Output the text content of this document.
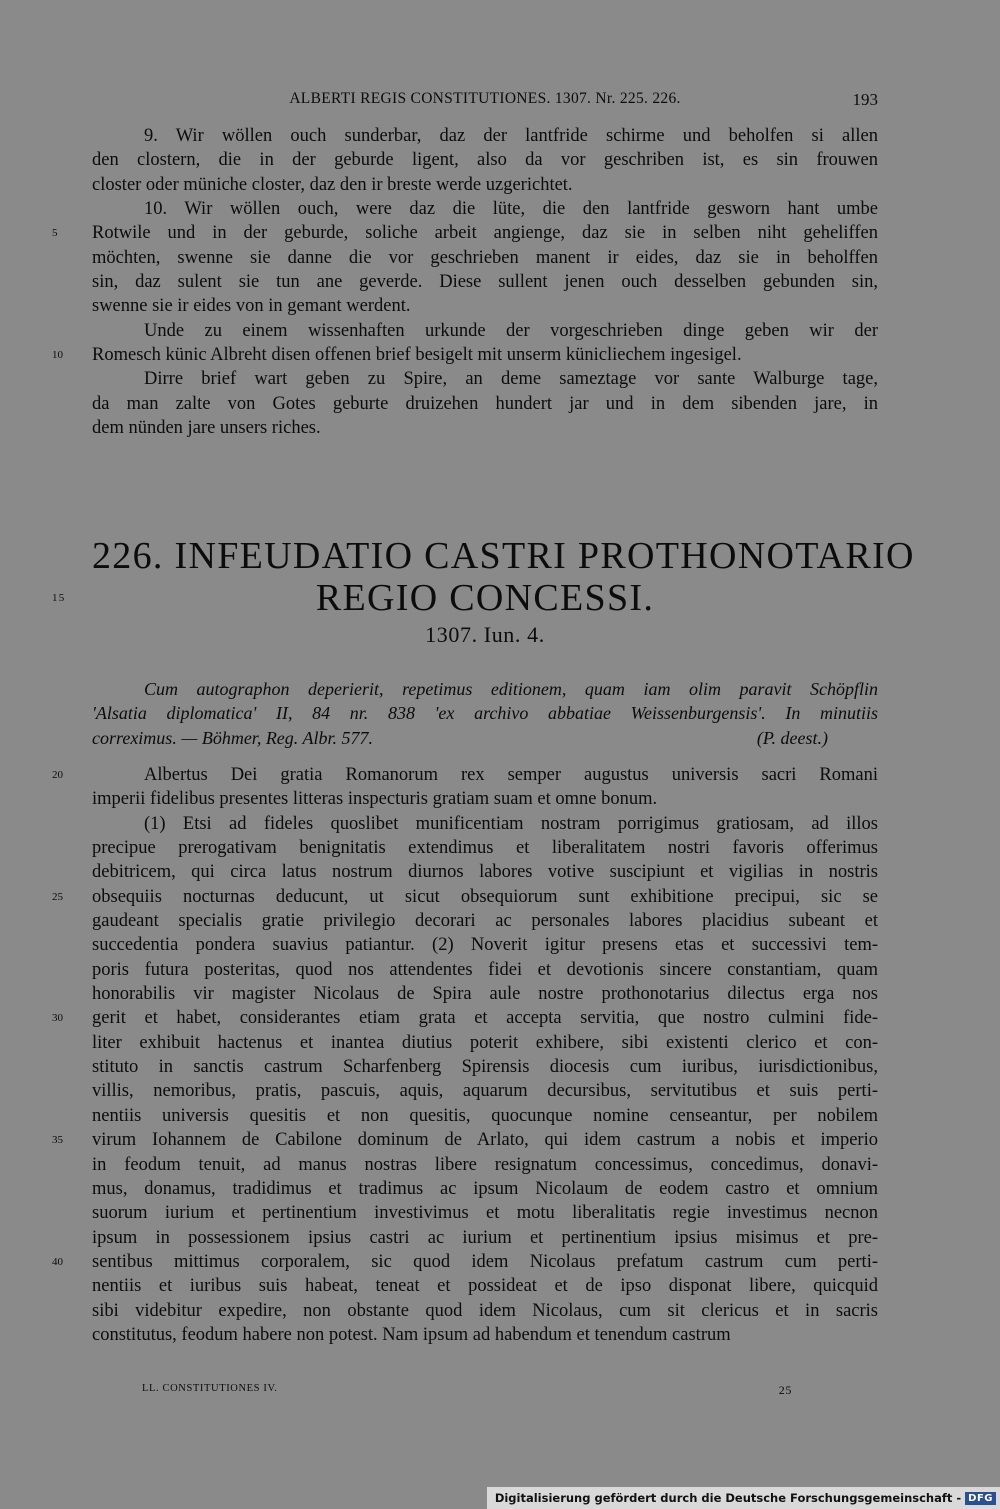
ALBERTI REGIS CONSTITUTIONES. 1307. Nr. 225. 226.	193
9. Wir wöllen ouch sunderbar, daz der lantfride schirme und beholfen si allen
den clostern, die in der geburde ligent, also da vor geschriben ist, es sin frouwen
closter oder müniche closter, daz den ir breste werde uzgerichtet.
10. Wir wöllen ouch, were daz die lüte, die den lantfride gesworn hant umbe
5	Rotwile und in der geburde, soliche arbeit angienge, daz sie in selben niht geheliffen
möchten, swenne sie danne die vor geschrieben manent ir eides, daz sie in beholffen
sin, daz sulent sie tun ane geverde. Diese sullent jenen ouch desselben gebunden sin,
swenne sie ir eides von in gemant werdent.
Unde zu einem wissenhaften urkunde der vorgeschrieben dinge geben wir der
10	Romesch künic Albreht disen offenen brief besigelt mit unserm künicliechem ingesigel.
Dirre brief wart geben zu Spire, an deme sameztage vor sante Walburge tage,
da man zalte von Gotes geburte druizehen hundert jar und in dem sibenden jare, in
dem nünden jare unsers riches.
226. INFEUDATIO CASTRI PROTHONOTARIO
15	REGIO CONCESSI.
1307. Iun. 4.
Cum autographon deperierit, repetimus editionem, quam iam olim paravit Schöpflin
'Alsatia diplomatica' II, 84 nr. 838 'ex archivo abbatiae Weissenburgensis'. In minutiis
correximus. — Böhmer, Reg. Albr. 577.	(P. deest.)
20	Albertus Dei gratia Romanorum rex semper augustus universis sacri Romani
imperii fidelibus presentes litteras inspecturis gratiam suam et omne bonum.
(1) Etsi ad fideles quoslibet munificentiam nostram porrigimus gratiosam, ad illos
precipue prerogativam benignitatis extendimus et liberalitatem nostri favoris offerimus
debitricem, qui circa latus nostrum diurnos labores votive suscipiunt et vigilias in nostris
25	obsequiis nocturnas deducunt, ut sicut obsequiorum sunt exhibitione precipui, sic se
gaudeant specialis gratie privilegio decorari ac personales labores placidius subeant et
succedentia pondera suavius patiantur. (2) Noverit igitur presens etas et successivi tem-
poris futura posteritas, quod nos attendentes fidei et devotionis sincere constantiam, quam
honorabilis vir magister Nicolaus de Spira aule nostre prothonotarius dilectus erga nos
30	gerit et habet, considerantes etiam grata et accepta servitia, que nostro culmini fide-
liter exhibuit hactenus et inantea diutius poterit exhibere, sibi existenti clerico et con-
stituto in sanctis castrum Scharfenberg Spirensis diocesis cum iuribus, iurisdictionibus,
villis, nemoribus, pratis, pascuis, aquis, aquarum decursibus, servitutibus et suis perti-
nentiis universis quesitis et non quesitis, quocunque nomine censeantur, per nobilem
35	virum Iohannem de Cabilone dominum de Arlato, qui idem castrum a nobis et imperio
in feodum tenuit, ad manus nostras libere resignatum concessimus, concedimus, donavi-
mus, donamus, tradidimus et tradimus ac ipsum Nicolaum de eodem castro et omnium
suorum iurium et pertinentium investivimus et motu liberalitatis regie investimus necnon
ipsum in possessionem ipsius castri ac iurium et pertinentium ipsius misimus et pre-
40	sentibus mittimus corporalem, sic quod idem Nicolaus prefatum castrum cum perti-
nentiis et iuribus suis habeat, teneat et possideat et de ipso disponat libere, quicquid
sibi videbitur expedire, non obstante quod idem Nicolaus, cum sit clericus et in sacris
constitutus, feodum habere non potest. Nam ipsum ad habendum et tenendum castrum
LL. CONSTITUTIONES IV.	25
Digitalisierung gefördert durch die Deutsche Forschungsgemeinschaft - DFG
